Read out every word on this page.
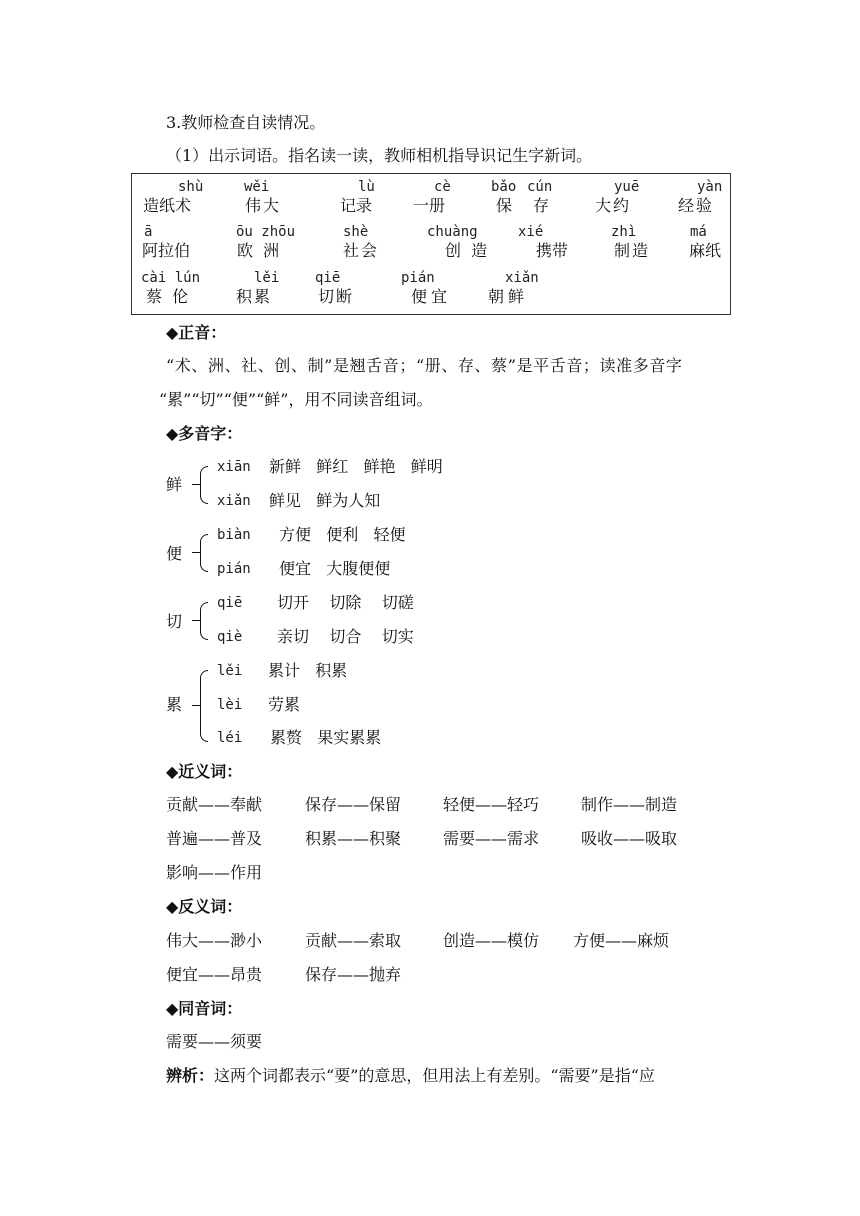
3.教师检查自读情况。
（1）出示词语。指名读一读，教师相机指导识记生字新词。
shù	wěi	lù	cè	bǎo cún	yuē	yàn
造纸术	伟大	记录	一册	保 存	大约	经验
ā	ōu zhōu	shè	chuàng	xié	zhì	má
阿拉伯	欧  洲	社会	创  造	携带	制造 麻纸
cài lún	lěi	qiē	pián	xiǎn
蔡  伦	积累	切断	便宜 朝鲜
◆正音：
“术、洲、社、创、制”是翘舌音；“册、存、蔡”是平舌音；读准多音字
“累”“切”“便”“鲜”，用不同读音组词。
◆多音字：
鲜
xiān 新鲜   鲜红   鲜艳   鲜明
xiǎn 鲜见   鲜为人知
便
biàn 方便   便利   轻便
pián 便宜   大腹便便
切
qiē 切开    切除    切磋
qiè 亲切    切合    切实
累
lěi 累计   积累
lèi 劳累
léi 累赘   果实累累
◆近义词：
贡献——奉献	保存——保留	轻便——轻巧	制作——制造
普遍——普及	积累——积聚	需要——需求	吸收——吸取
影响——作用
◆反义词：
伟大——渺小	贡献——索取	创造——模仿 方便——麻烦
便宜——昂贵	保存——抛弃
◆同音词：
需要——须要
辨析：这两个词都表示“要”的意思，但用法上有差别。“需要”是指“应
